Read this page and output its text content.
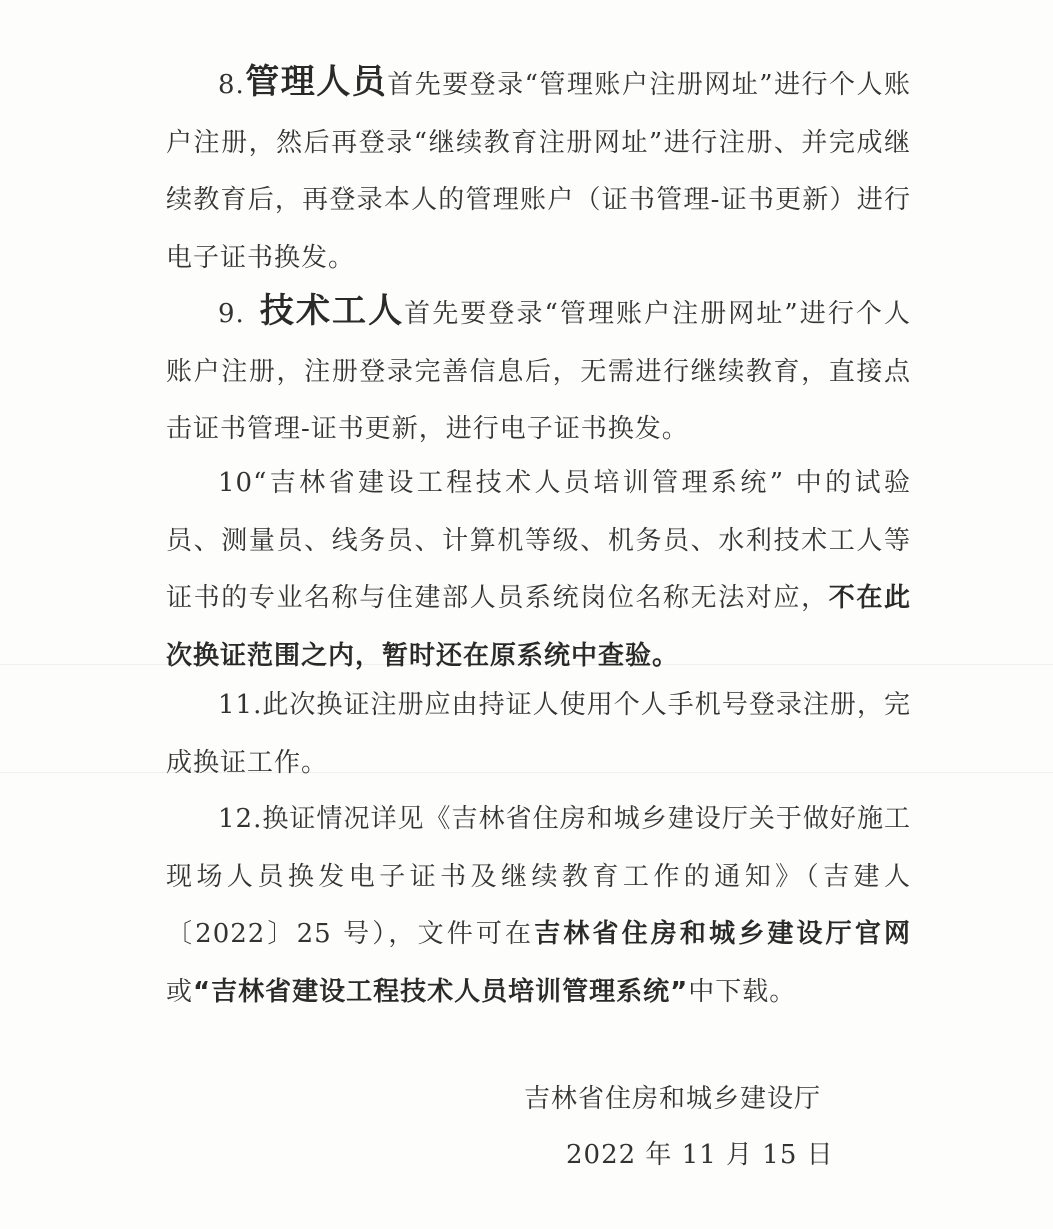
8.管理人员首先要登录“管理账户注册网址”进行个人账户注册，然后再登录“继续教育注册网址”进行注册、并完成继续教育后，再登录本人的管理账户（证书管理-证书更新）进行电子证书换发。

9. 技术工人首先要登录“管理账户注册网址”进行个人账户注册，注册登录完善信息后，无需进行继续教育，直接点击证书管理-证书更新，进行电子证书换发。

10“吉林省建设工程技术人员培训管理系统” 中的试验员、测量员、线务员、计算机等级、机务员、水利技术工人等证书的专业名称与住建部人员系统岗位名称无法对应，不在此次换证范围之内，暂时还在原系统中查验。

11.此次换证注册应由持证人使用个人手机号登录注册，完成换证工作。

12.换证情况详见《吉林省住房和城乡建设厅关于做好施工现场人员换发电子证书及继续教育工作的通知》（吉建人〔2022〕25 号），文件可在吉林省住房和城乡建设厅官网或“吉林省建设工程技术人员培训管理系统”中下载。

吉林省住房和城乡建设厅

2022 年 11 月 15 日
